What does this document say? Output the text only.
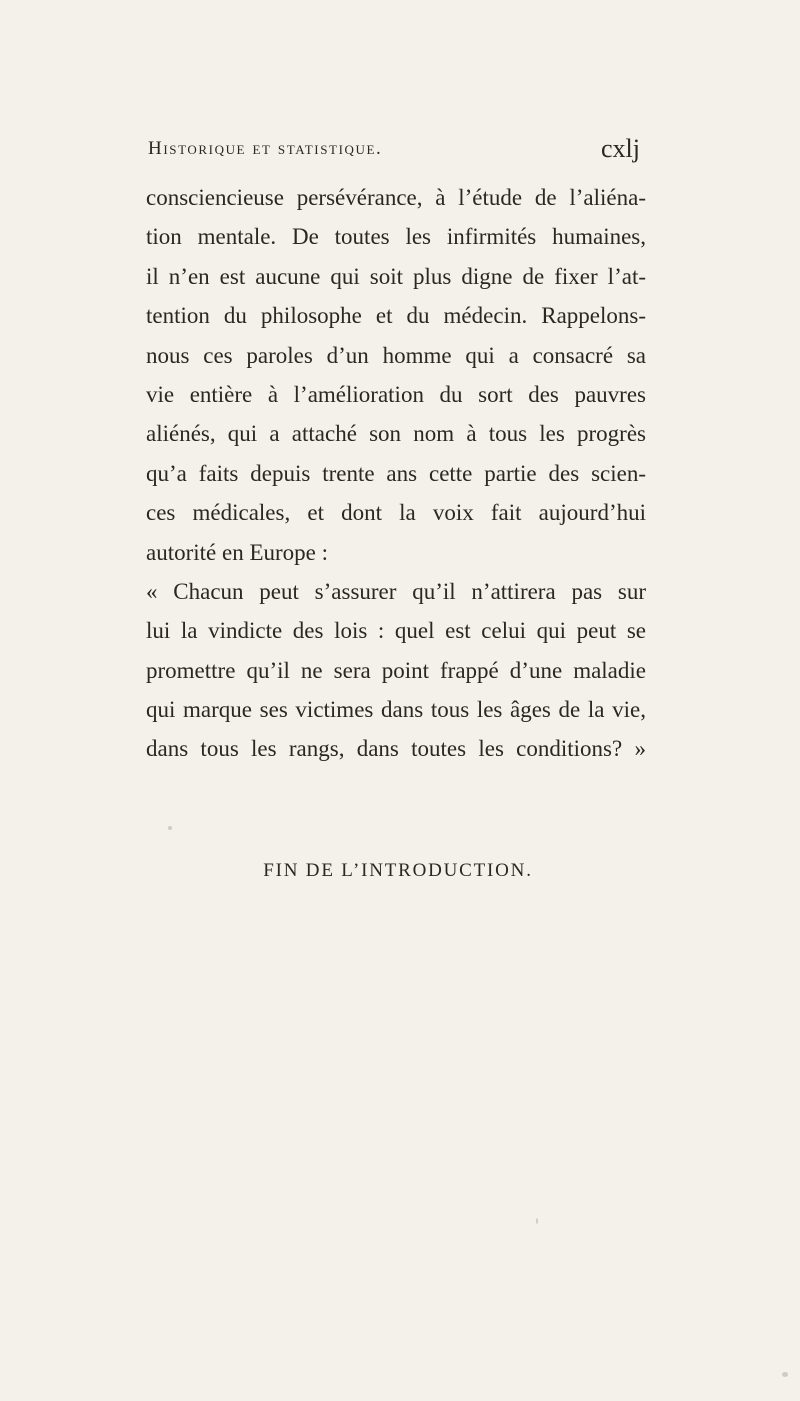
Historique et statistique.	cxlj
consciencieuse persévérance, à l’étude de l’aliéna-
tion mentale. De toutes les infirmités humaines,
il n’en est aucune qui soit plus digne de fixer l’at-
tention du philosophe et du médecin. Rappelons-
nous ces paroles d’un homme qui a consacré sa
vie entière à l’amélioration du sort des pauvres
aliénés, qui a attaché son nom à tous les progrès
qu’a faits depuis trente ans cette partie des scien-
ces médicales, et dont la voix fait aujourd’hui
autorité en Europe :
« Chacun peut s’assurer qu’il n’attirera pas sur
lui la vindicte des lois : quel est celui qui peut se
promettre qu’il ne sera point frappé d’une maladie
qui marque ses victimes dans tous les âges de la vie,
dans tous les rangs, dans toutes les conditions? »
FIN DE L’INTRODUCTION.
